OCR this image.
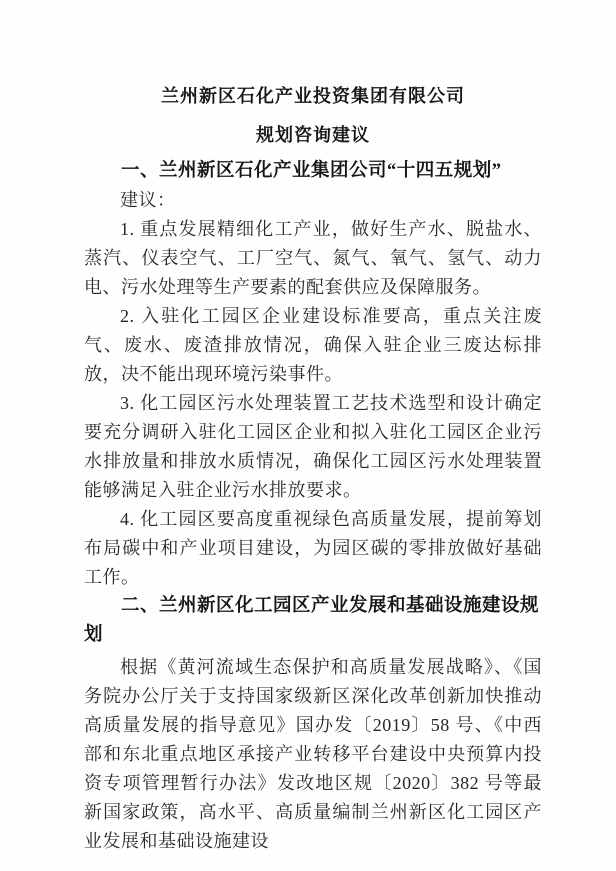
兰州新区石化产业投资集团有限公司
规划咨询建议
一、兰州新区石化产业集团公司“十四五规划”

建议：

1. 重点发展精细化工产业，做好生产水、脱盐水、蒸汽、仪表空气、工厂空气、氮气、氧气、氢气、动力电、污水处理等生产要素的配套供应及保障服务。

2. 入驻化工园区企业建设标准要高，重点关注废气、废水、废渣排放情况，确保入驻企业三废达标排放，决不能出现环境污染事件。

3. 化工园区污水处理装置工艺技术选型和设计确定要充分调研入驻化工园区企业和拟入驻化工园区企业污水排放量和排放水质情况，确保化工园区污水处理装置能够满足入驻企业污水排放要求。

4. 化工园区要高度重视绿色高质量发展，提前筹划布局碳中和产业项目建设，为园区碳的零排放做好基础工作。

二、兰州新区化工园区产业发展和基础设施建设规划

根据《黄河流域生态保护和高质量发展战略》、《国务院办公厅关于支持国家级新区深化改革创新加快推动高质量发展的指导意见》国办发〔2019〕58 号、《中西部和东北重点地区承接产业转移平台建设中央预算内投资专项管理暂行办法》发改地区规〔2020〕382 号等最新国家政策，高水平、高质量编制兰州新区化工园区产业发展和基础设施建设
